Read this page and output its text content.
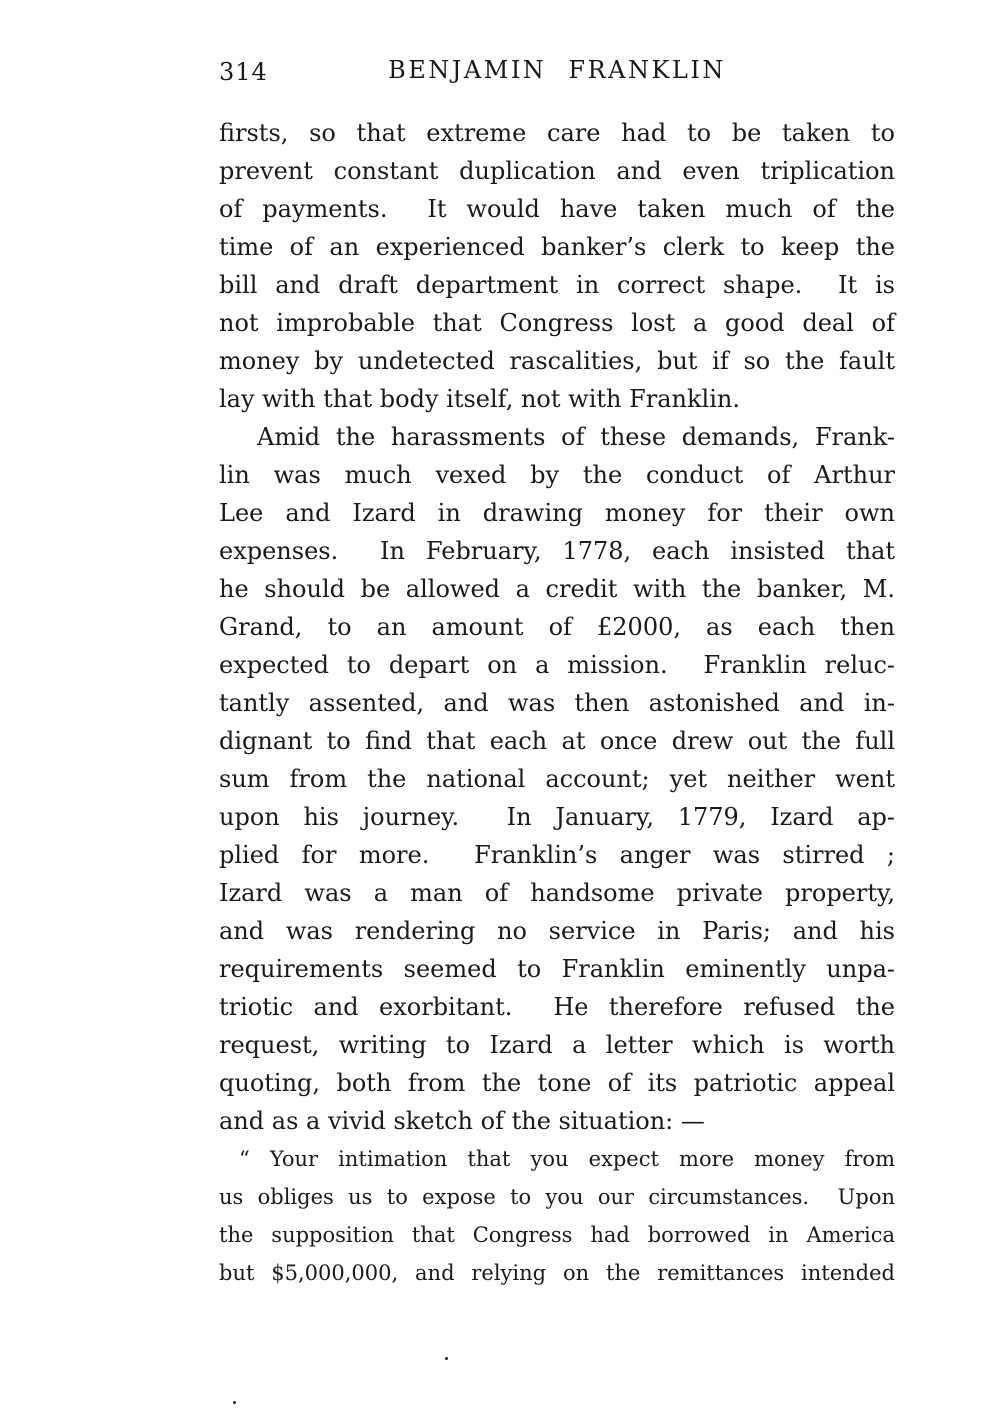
314	BENJAMIN FRANKLIN
firsts, so that extreme care had to be taken to
prevent constant duplication and even triplication
of payments.  It would have taken much of the
time of an experienced banker’s clerk to keep the
bill and draft department in correct shape.  It is
not improbable that Congress lost a good deal of
money by undetected rascalities, but if so the fault
lay with that body itself, not with Franklin.
Amid the harassments of these demands, Frank-
lin was much vexed by the conduct of Arthur
Lee and Izard in drawing money for their own
expenses.  In February, 1778, each insisted that
he should be allowed a credit with the banker, M.
Grand, to an amount of £2000, as each then
expected to depart on a mission.  Franklin reluc-
tantly assented, and was then astonished and in-
dignant to find that each at once drew out the full
sum from the national account; yet neither went
upon his journey.  In January, 1779, Izard ap-
plied for more.  Franklin’s anger was stirred ;
Izard was a man of handsome private property,
and was rendering no service in Paris; and his
requirements seemed to Franklin eminently unpa-
triotic and exorbitant.  He therefore refused the
request, writing to Izard a letter which is worth
quoting, both from the tone of its patriotic appeal
and as a vivid sketch of the situation: —
“ Your intimation that you expect more money from
us obliges us to expose to you our circumstances.  Upon
the supposition that Congress had borrowed in America
but $5,000,000, and relying on the remittances intended
